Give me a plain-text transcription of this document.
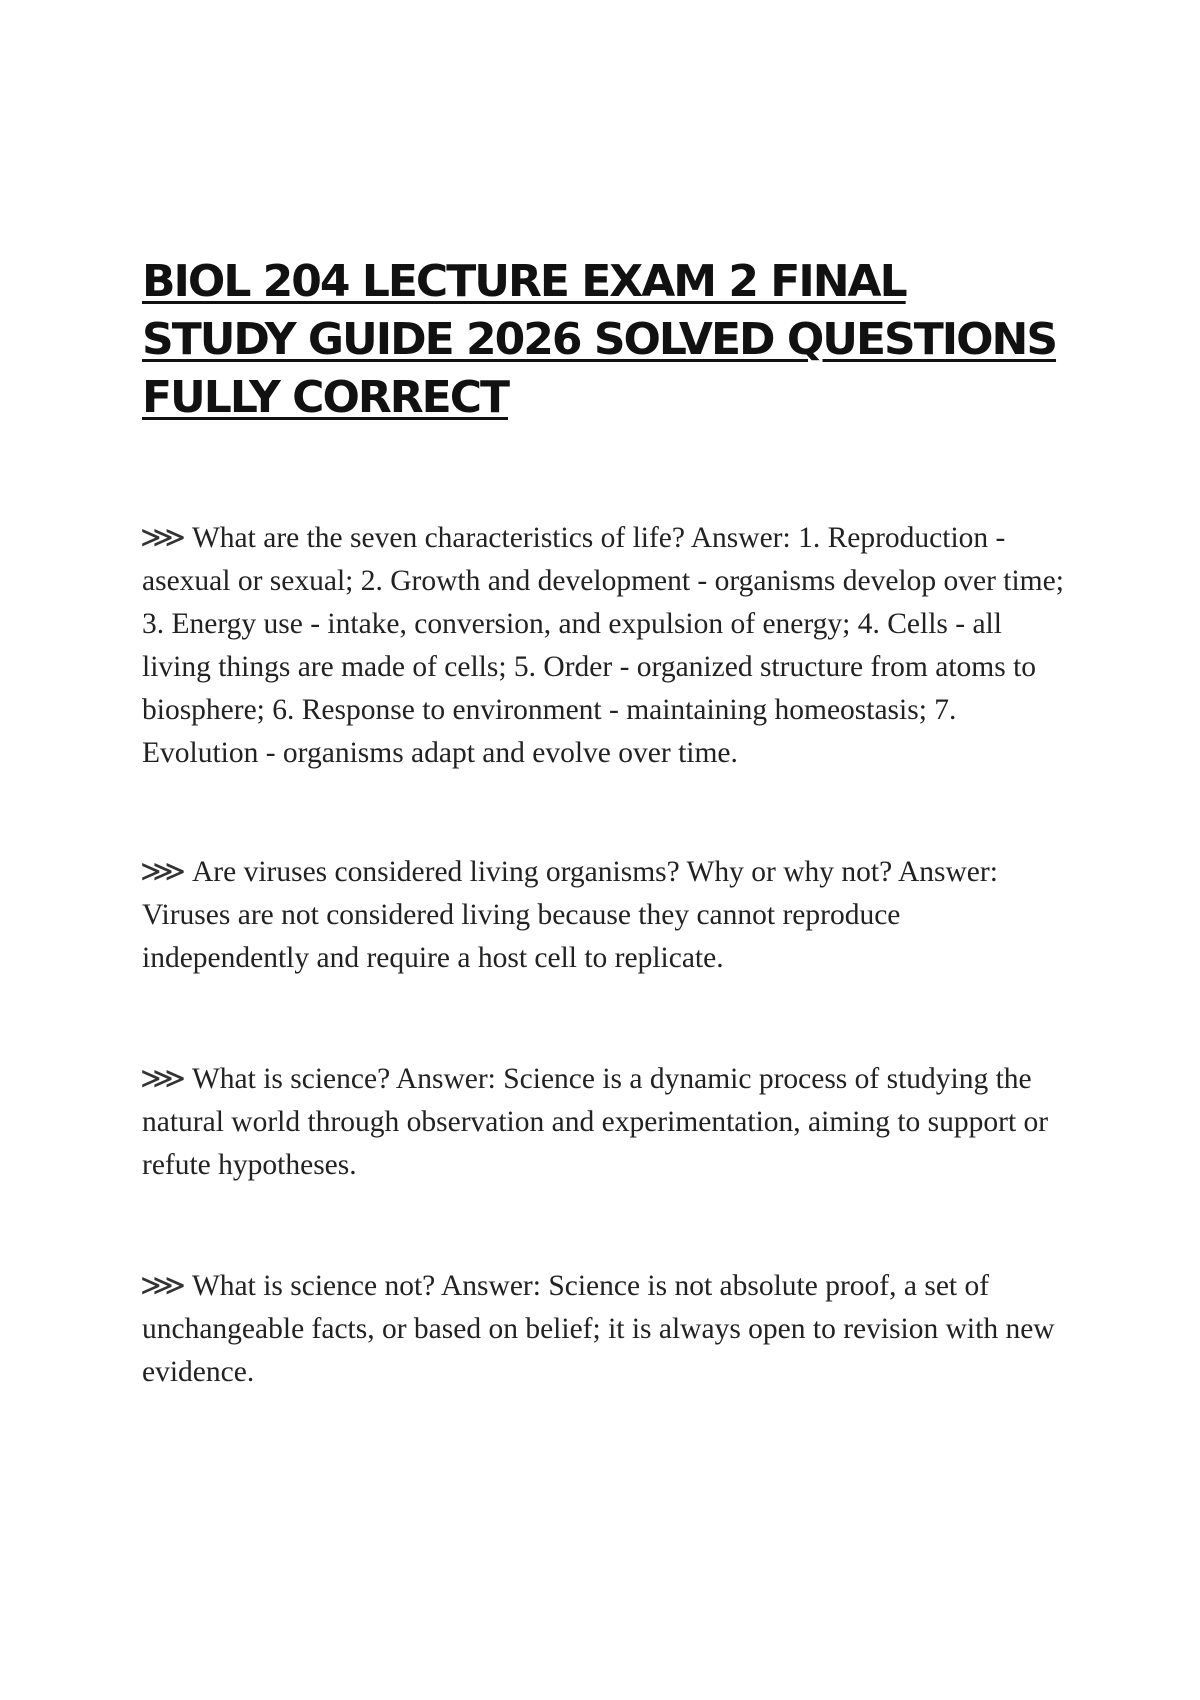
BIOL 204 LECTURE EXAM 2 FINAL STUDY GUIDE 2026 SOLVED QUESTIONS FULLY CORRECT

⋙ What are the seven characteristics of life? Answer: 1. Reproduction - asexual or sexual; 2. Growth and development - organisms develop over time; 3. Energy use - intake, conversion, and expulsion of energy; 4. Cells - all living things are made of cells; 5. Order - organized structure from atoms to biosphere; 6. Response to environment - maintaining homeostasis; 7. Evolution - organisms adapt and evolve over time.

⋙ Are viruses considered living organisms? Why or why not? Answer: Viruses are not considered living because they cannot reproduce independently and require a host cell to replicate.

⋙ What is science? Answer: Science is a dynamic process of studying the natural world through observation and experimentation, aiming to support or refute hypotheses.

⋙ What is science not? Answer: Science is not absolute proof, a set of unchangeable facts, or based on belief; it is always open to revision with new evidence.
